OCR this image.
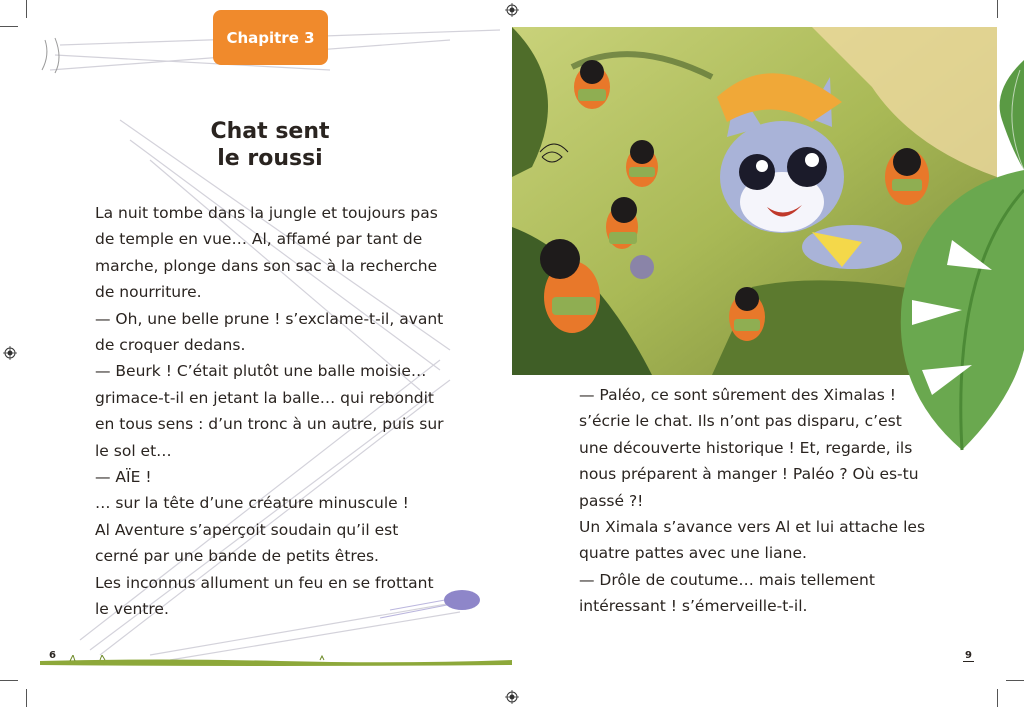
Chapitre 3
Chat sent
le roussi

La nuit tombe dans la jungle et toujours pas

de temple en vue… Al, affamé par tant de

marche, plonge dans son sac à la recherche

de nourriture.

— Oh, une belle prune ! s’exclame-t-il, avant

de croquer dedans.

— Beurk ! C’était plutôt une balle moisie…

grimace-t-il en jetant la balle… qui rebondit

en tous sens : d’un tronc à un autre, puis sur

le sol et…

— AÏE !

… sur la tête d’une créature minuscule !

Al Aventure s’aperçoit soudain qu’il est

cerné par une bande de petits êtres.

Les inconnus allument un feu en se frottant

le ventre.

6

— Paléo, ce sont sûrement des Ximalas !

s’écrie le chat. Ils n’ont pas disparu, c’est

une découverte historique ! Et, regarde, ils

nous préparent à manger ! Paléo ? Où es-tu

passé ?!

Un Ximala s’avance vers Al et lui attache les

quatre pattes avec une liane.

— Drôle de coutume… mais tellement

intéressant ! s’émerveille-t-il.

9
